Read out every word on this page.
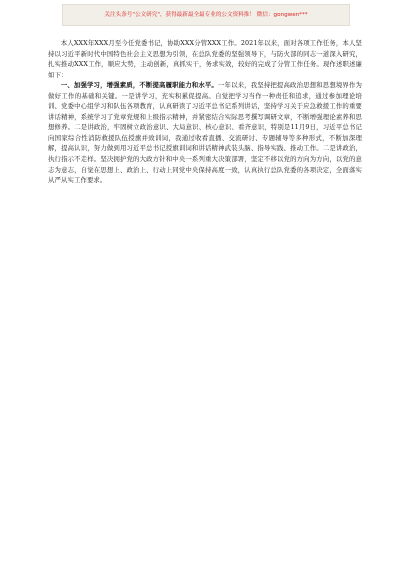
关注头条号"公文研究"，获得最新最全最专业的公文资料推！ 微信：gongwen***

本人XXX年XXX月至今任党委书记，协助XXX分管XXX工作。2021年以来，面对各项工作任务，本人坚持以习近平新时代中国特色社会主义思想为引领，在总队党委的坚强领导下，与防火部的同志一道深入研究，扎实推动XXX工作，顺应大势，主动创新，真抓实干，务求实效，较好的完成了分管工作任务。现作述职述廉如下：

一、加强学习，增强素质，不断提高履职能力和水平。一年以来，我坚持把提高政治思想和思想境界作为做好工作的基础和关键。一是讲学习，充实积累促提高。自觉把学习当作一种责任和追求，通过参加理论培训、党委中心组学习和队伍各项教育，认真研读了习近平总书记系列讲话，坚持学习关于应急救援工作的重要讲话精神，系统学习了党章党规和上级指示精神，并紧密结合实际思考撰写调研文章，不断增强理论素养和思想修养。二是讲政治，牢固树立政治意识、大局意识、核心意识、看齐意识，特别是11月9日，习近平总书记向国家综合性消防救援队伍授旗并致训词，我通过收看直播、交流研讨、专题辅导等多种形式，不断加深理解，提高认识，努力做到用习近平总书记授旗训词和讲话精神武装头脑、指导实践、推动工作。二是讲政治，执行指示不走样。坚决拥护党的大政方针和中央一系列重大决策部署，坚定不移以党的方向为方向，以党的意志为意志，自觉在思想上、政治上、行动上同党中央保持高度一致，认真执行总队党委的各项决定，全面落实从严从实工作要求。
